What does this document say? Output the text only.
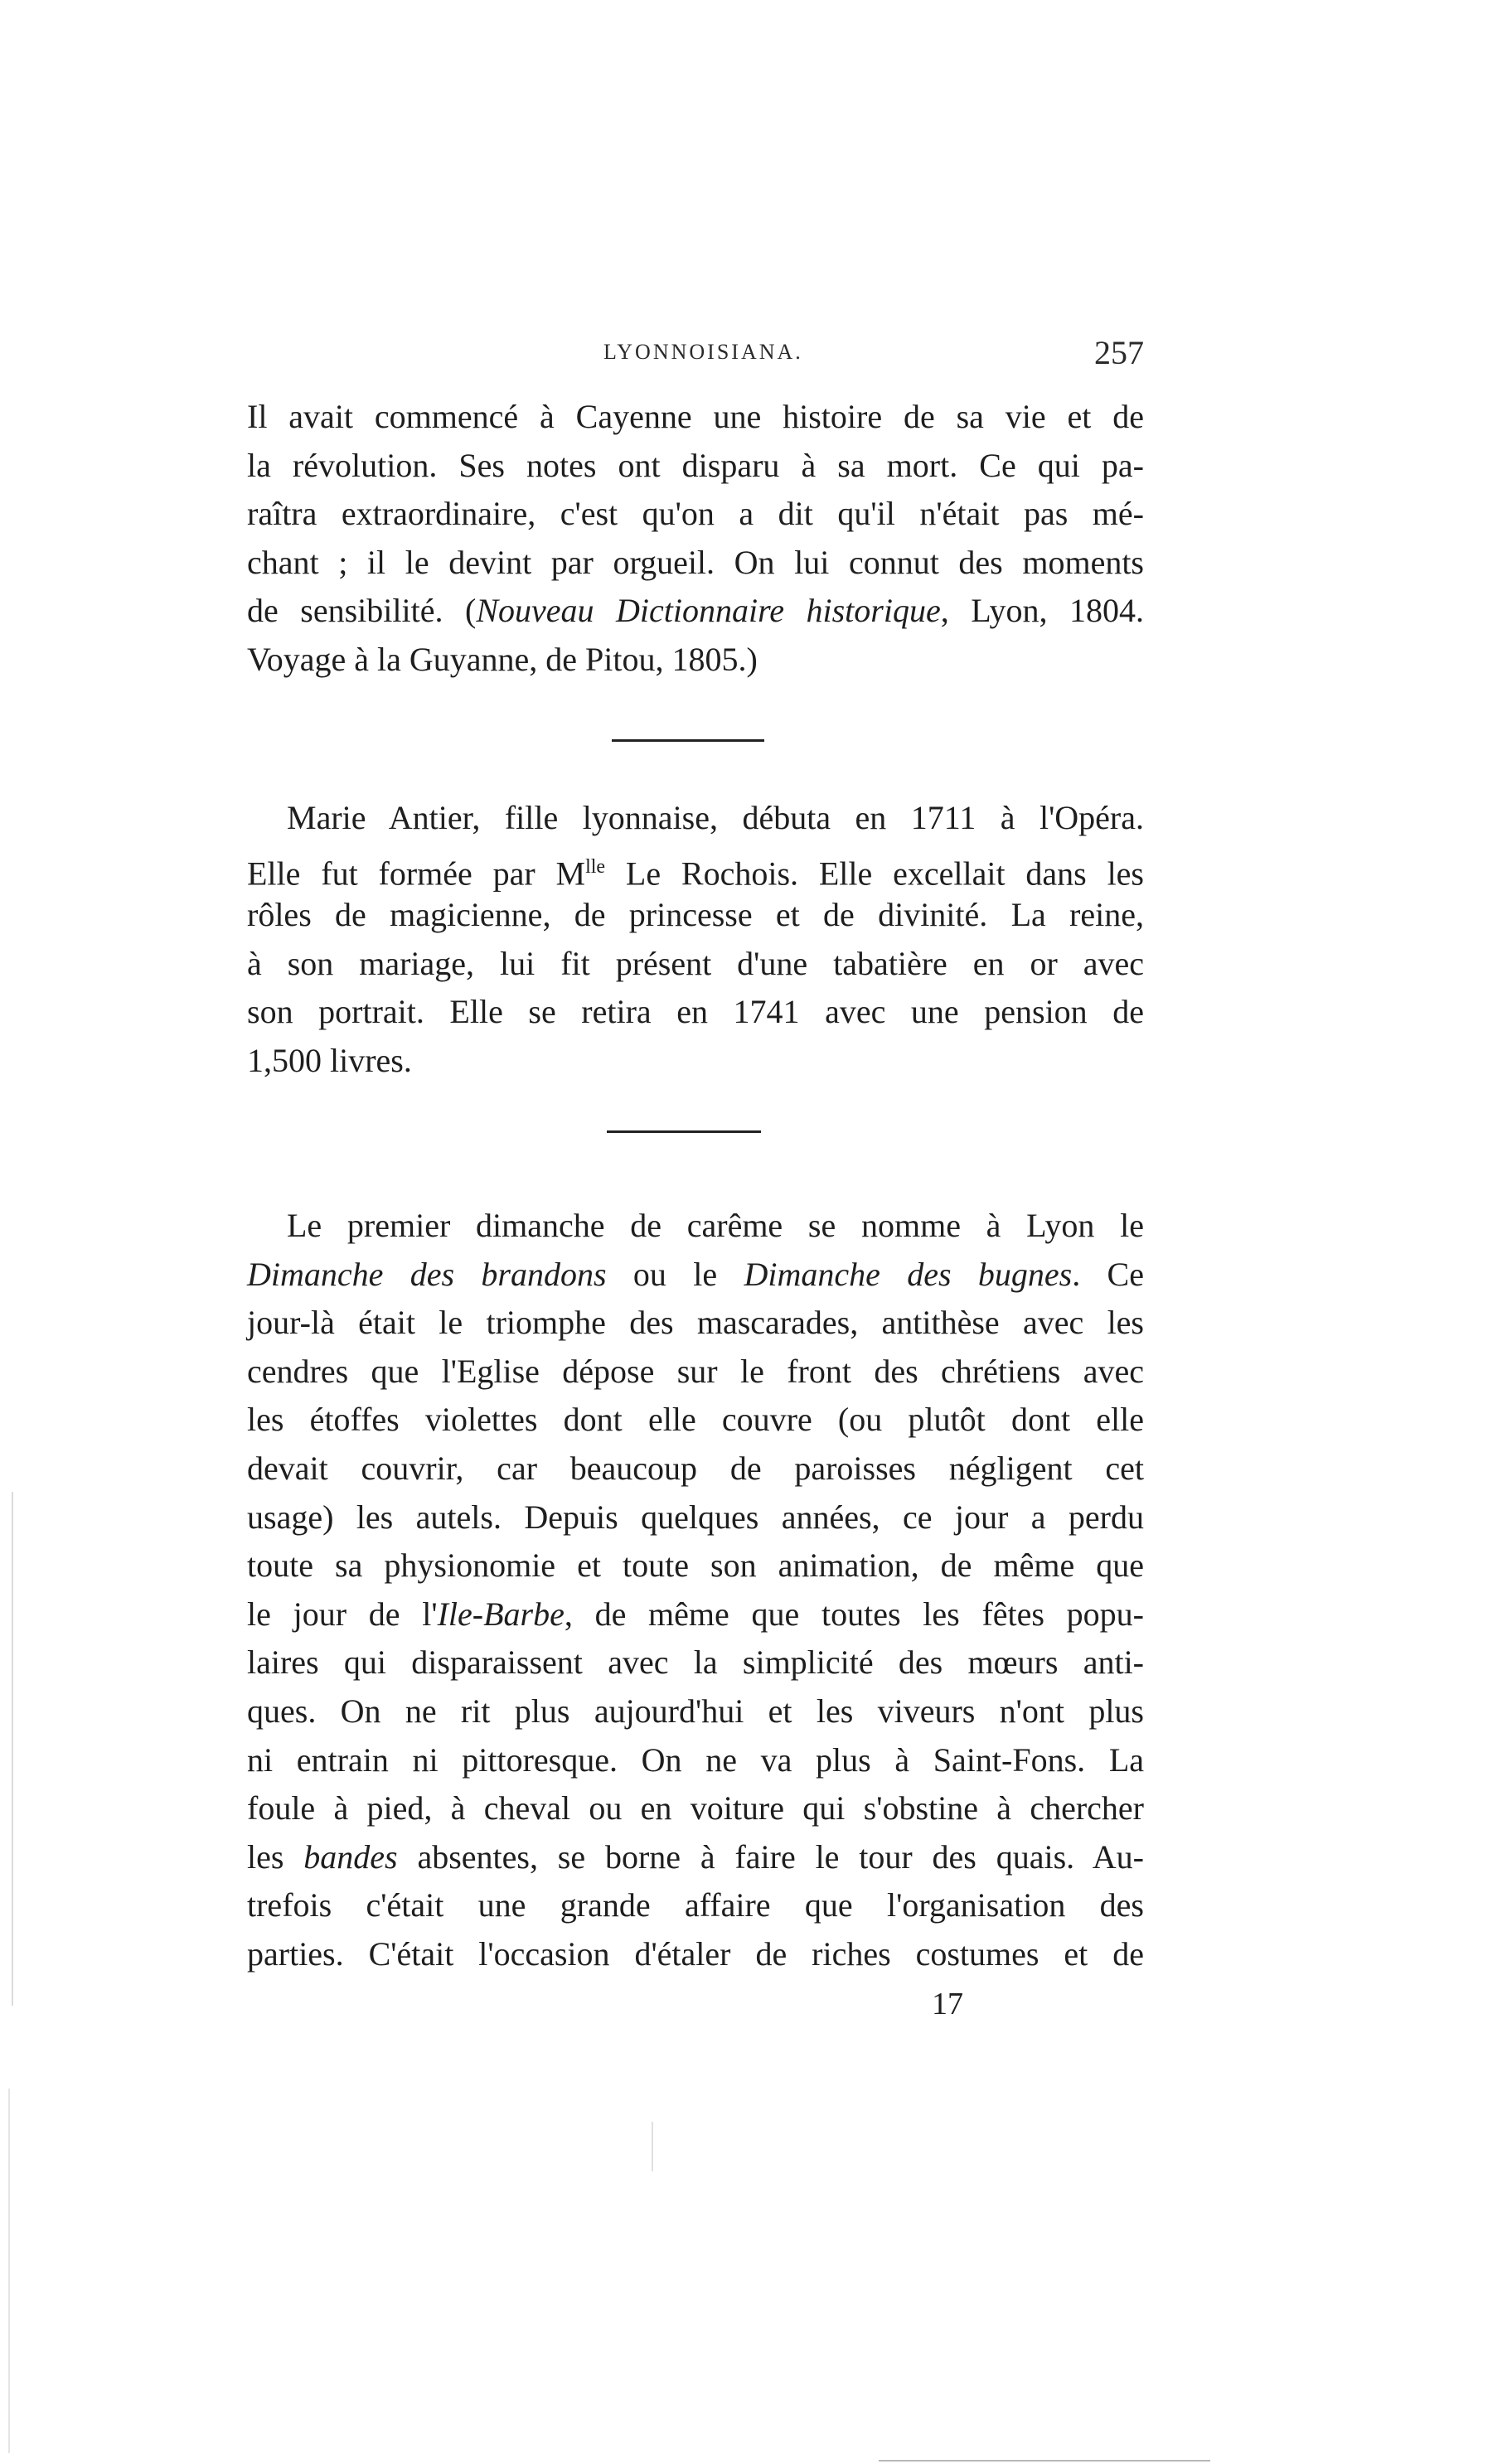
LYONNOISIANA.	257
Il avait commencé à Cayenne une histoire de sa vie et de
la révolution. Ses notes ont disparu à sa mort. Ce qui pa-
raîtra extraordinaire, c'est qu'on a dit qu'il n'était pas mé-
chant ; il le devint par orgueil. On lui connut des moments
de sensibilité. (Nouveau Dictionnaire historique, Lyon, 1804.
Voyage à la Guyanne, de Pitou, 1805.)
Marie Antier, fille lyonnaise, débuta en 1711 à l'Opéra.
Elle fut formée par $M^{lle}$ Le Rochois. Elle excellait dans les
rôles de magicienne, de princesse et de divinité. La reine,
à son mariage, lui fit présent d'une tabatière en or avec
son portrait. Elle se retira en 1741 avec une pension de
1,500 livres.
Le premier dimanche de carême se nomme à Lyon le
Dimanche des brandons ou le Dimanche des bugnes. Ce
jour-là était le triomphe des mascarades, antithèse avec les
cendres que l'Eglise dépose sur le front des chrétiens avec
les étoffes violettes dont elle couvre (ou plutôt dont elle
devait couvrir, car beaucoup de paroisses négligent cet
usage) les autels. Depuis quelques années, ce jour a perdu
toute sa physionomie et toute son animation, de même que
le jour de l'Ile-Barbe, de même que toutes les fêtes popu-
laires qui disparaissent avec la simplicité des mœurs anti-
ques. On ne rit plus aujourd'hui et les viveurs n'ont plus
ni entrain ni pittoresque. On ne va plus à Saint-Fons. La
foule à pied, à cheval ou en voiture qui s'obstine à chercher
les bandes absentes, se borne à faire le tour des quais. Au-
trefois c'était une grande affaire que l'organisation des
parties. C'était l'occasion d'étaler de riches costumes et de
17
